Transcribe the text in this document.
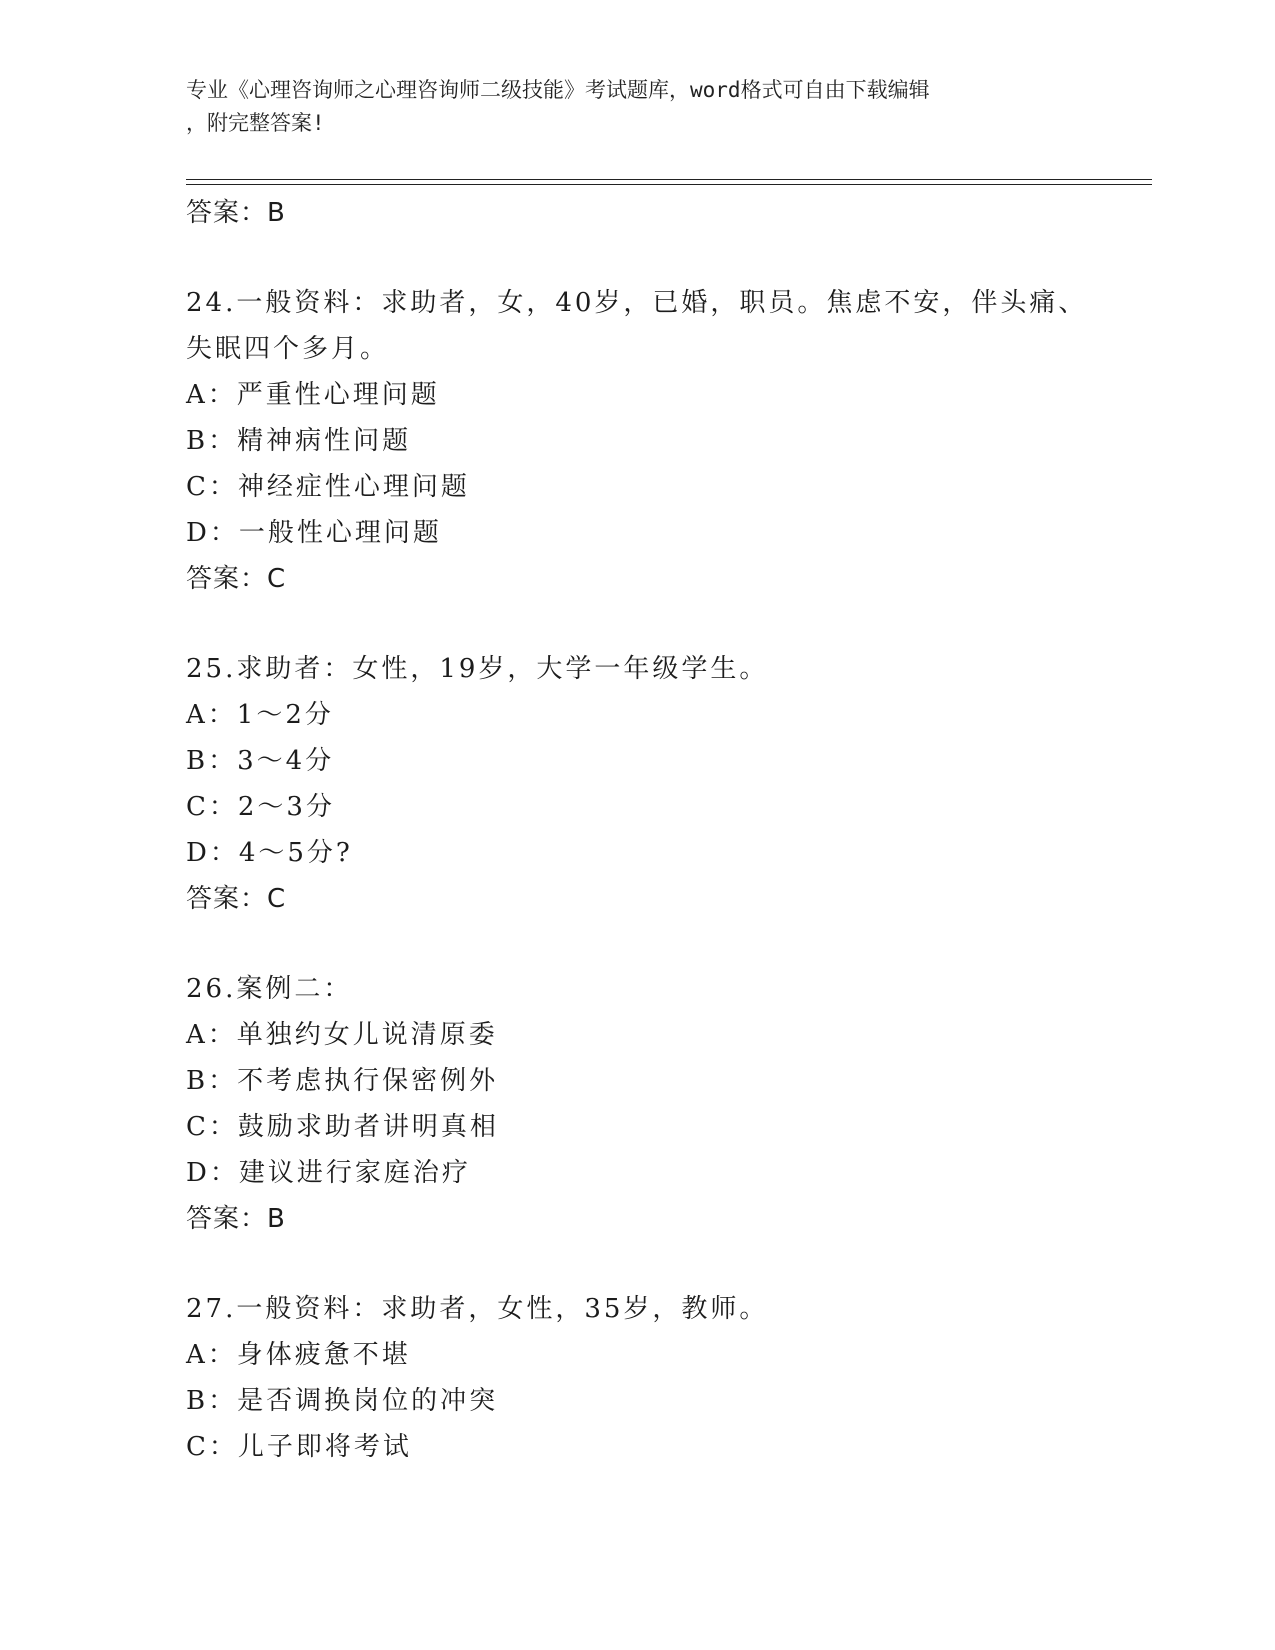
专业《心理咨询师之心理咨询师二级技能》考试题库，word格式可自由下载编辑
，附完整答案!
答案：B
24.一般资料：求助者，女，40岁，已婚，职员。焦虑不安，伴头痛、
失眠四个多月。
A：严重性心理问题
B：精神病性问题
C：神经症性心理问题
D：一般性心理问题
答案：C
25.求助者：女性，19岁，大学一年级学生。
A：1～2分
B：3～4分
C：2～3分
D：4～5分?
答案：C
26.案例二：
A：单独约女儿说清原委
B：不考虑执行保密例外
C：鼓励求助者讲明真相
D：建议进行家庭治疗
答案：B
27.一般资料：求助者，女性，35岁，教师。
A：身体疲惫不堪
B：是否调换岗位的冲突
C：儿子即将考试
